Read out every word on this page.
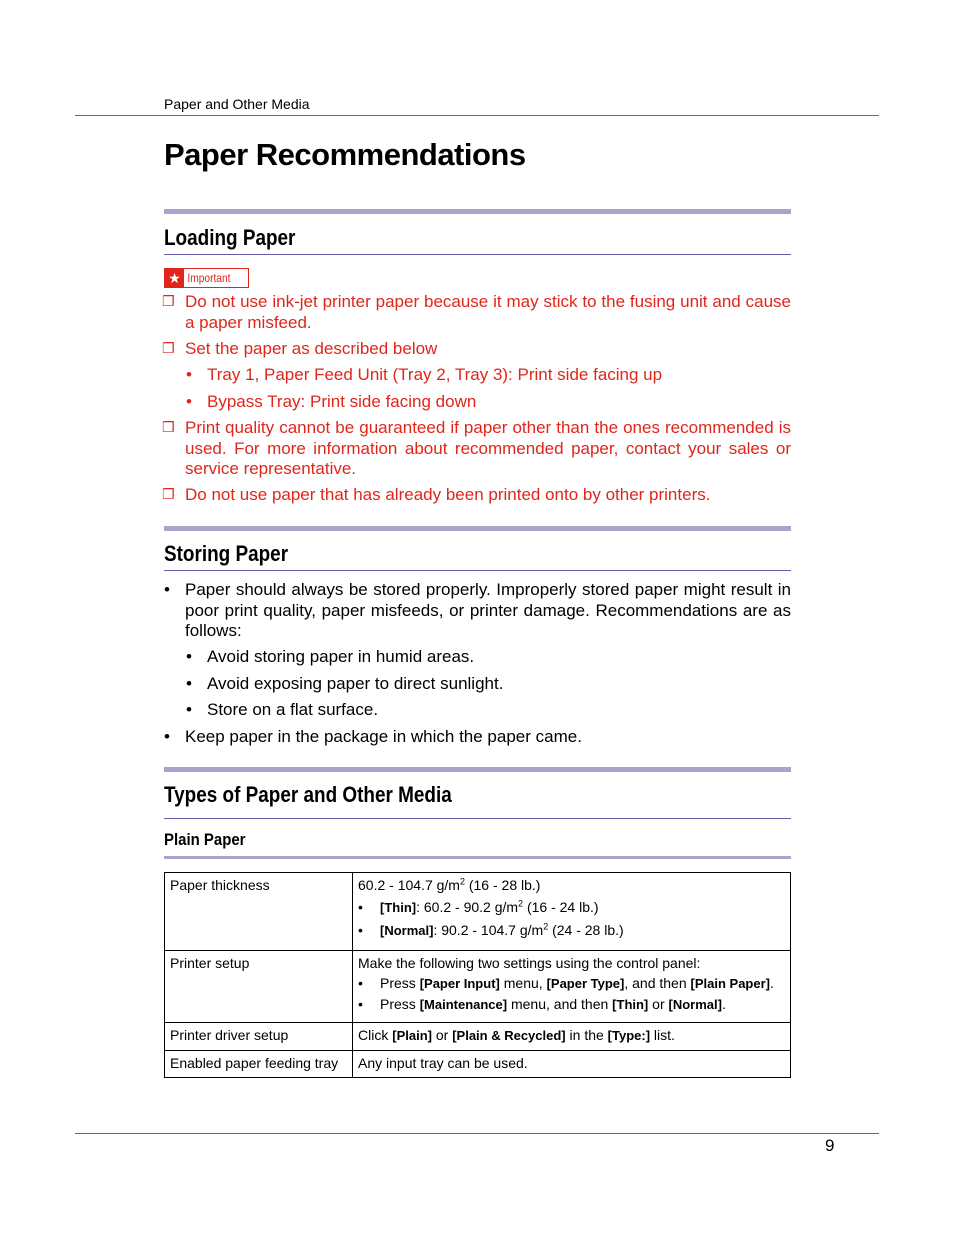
Paper and Other Media
Paper Recommendations
Loading Paper
★ Important
❒ Do not use ink-jet printer paper because it may stick to the fusing unit and cause a paper misfeed.
❒ Set the paper as described below
• Tray 1, Paper Feed Unit (Tray 2, Tray 3): Print side facing up
• Bypass Tray: Print side facing down
❒ Print quality cannot be guaranteed if paper other than the ones recommended is used. For more information about recommended paper, contact your sales or service representative.
❒ Do not use paper that has already been printed onto by other printers.
Storing Paper
• Paper should always be stored properly. Improperly stored paper might result in poor print quality, paper misfeeds, or printer damage. Recommendations are as follows:
• Avoid storing paper in humid areas.
• Avoid exposing paper to direct sunlight.
• Store on a flat surface.
• Keep paper in the package in which the paper came.
Types of Paper and Other Media
Plain Paper
Paper thickness	60.2 - 104.7 $g/m^2$ (16 - 28 lb.)
• [Thin]: 60.2 - 90.2 $g/m^2$ (16 - 24 lb.)
• [Normal]: 90.2 - 104.7 $g/m^2$ (24 - 28 lb.)

Printer setup	Make the following two settings using the control panel:
• Press [Paper Input] menu, [Paper Type], and then [Plain Paper].
• Press [Maintenance] menu, and then [Thin] or [Normal].

Printer driver setup	Click [Plain] or [Plain & Recycled] in the [Type:] list.
Enabled paper feeding tray	Any input tray can be used.
9
